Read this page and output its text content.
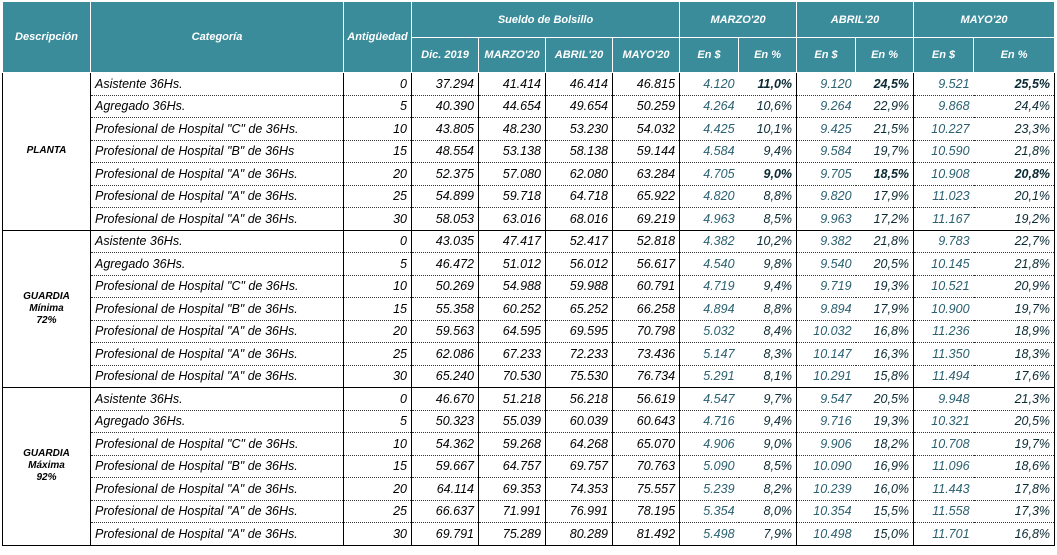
Descripción	Categoría	Antigüedad	Sueldo de Bolsillo				MARZO'20		ABRIL'20		MAYO'20	
			Dic. 2019	MARZO'20	ABRIL'20	MAYO'20	En $	En %	En $	En %	En $	En %
PLANTA	Asistente 36Hs.	0	37.294	41.414	46.414	46.815	4.120	11,0%	9.120	24,5%	9.521	25,5%
	Agregado 36Hs.	5	40.390	44.654	49.654	50.259	4.264	10,6%	9.264	22,9%	9.868	24,4%
	Profesional de Hospital "C" de 36Hs.	10	43.805	48.230	53.230	54.032	4.425	10,1%	9.425	21,5%	10.227	23,3%
	Profesional de Hospital "B" de 36Hs	15	48.554	53.138	58.138	59.144	4.584	9,4%	9.584	19,7%	10.590	21,8%
	Profesional de Hospital "A" de 36Hs.	20	52.375	57.080	62.080	63.284	4.705	9,0%	9.705	18,5%	10.908	20,8%
	Profesional de Hospital "A" de 36Hs.	25	54.899	59.718	64.718	65.922	4.820	8,8%	9.820	17,9%	11.023	20,1%
	Profesional de Hospital "A" de 36Hs.	30	58.053	63.016	68.016	69.219	4.963	8,5%	9.963	17,2%	11.167	19,2%
GUARDIA
Mínima
72%	Asistente 36Hs.	0	43.035	47.417	52.417	52.818	4.382	10,2%	9.382	21,8%	9.783	22,7%
	Agregado 36Hs.	5	46.472	51.012	56.012	56.617	4.540	9,8%	9.540	20,5%	10.145	21,8%
	Profesional de Hospital "C" de 36Hs.	10	50.269	54.988	59.988	60.791	4.719	9,4%	9.719	19,3%	10.521	20,9%
	Profesional de Hospital "B" de 36Hs.	15	55.358	60.252	65.252	66.258	4.894	8,8%	9.894	17,9%	10.900	19,7%
	Profesional de Hospital "A" de 36Hs.	20	59.563	64.595	69.595	70.798	5.032	8,4%	10.032	16,8%	11.236	18,9%
	Profesional de Hospital "A" de 36Hs.	25	62.086	67.233	72.233	73.436	5.147	8,3%	10.147	16,3%	11.350	18,3%
	Profesional de Hospital "A" de 36Hs.	30	65.240	70.530	75.530	76.734	5.291	8,1%	10.291	15,8%	11.494	17,6%
GUARDIA
Máxima
92%	Asistente 36Hs.	0	46.670	51.218	56.218	56.619	4.547	9,7%	9.547	20,5%	9.948	21,3%
	Agregado 36Hs.	5	50.323	55.039	60.039	60.643	4.716	9,4%	9.716	19,3%	10.321	20,5%
	Profesional de Hospital "C" de 36Hs.	10	54.362	59.268	64.268	65.070	4.906	9,0%	9.906	18,2%	10.708	19,7%
	Profesional de Hospital "B" de 36Hs.	15	59.667	64.757	69.757	70.763	5.090	8,5%	10.090	16,9%	11.096	18,6%
	Profesional de Hospital "A" de 36Hs.	20	64.114	69.353	74.353	75.557	5.239	8,2%	10.239	16,0%	11.443	17,8%
	Profesional de Hospital "A" de 36Hs.	25	66.637	71.991	76.991	78.195	5.354	8,0%	10.354	15,5%	11.558	17,3%
	Profesional de Hospital "A" de 36Hs.	30	69.791	75.289	80.289	81.492	5.498	7,9%	10.498	15,0%	11.701	16,8%
